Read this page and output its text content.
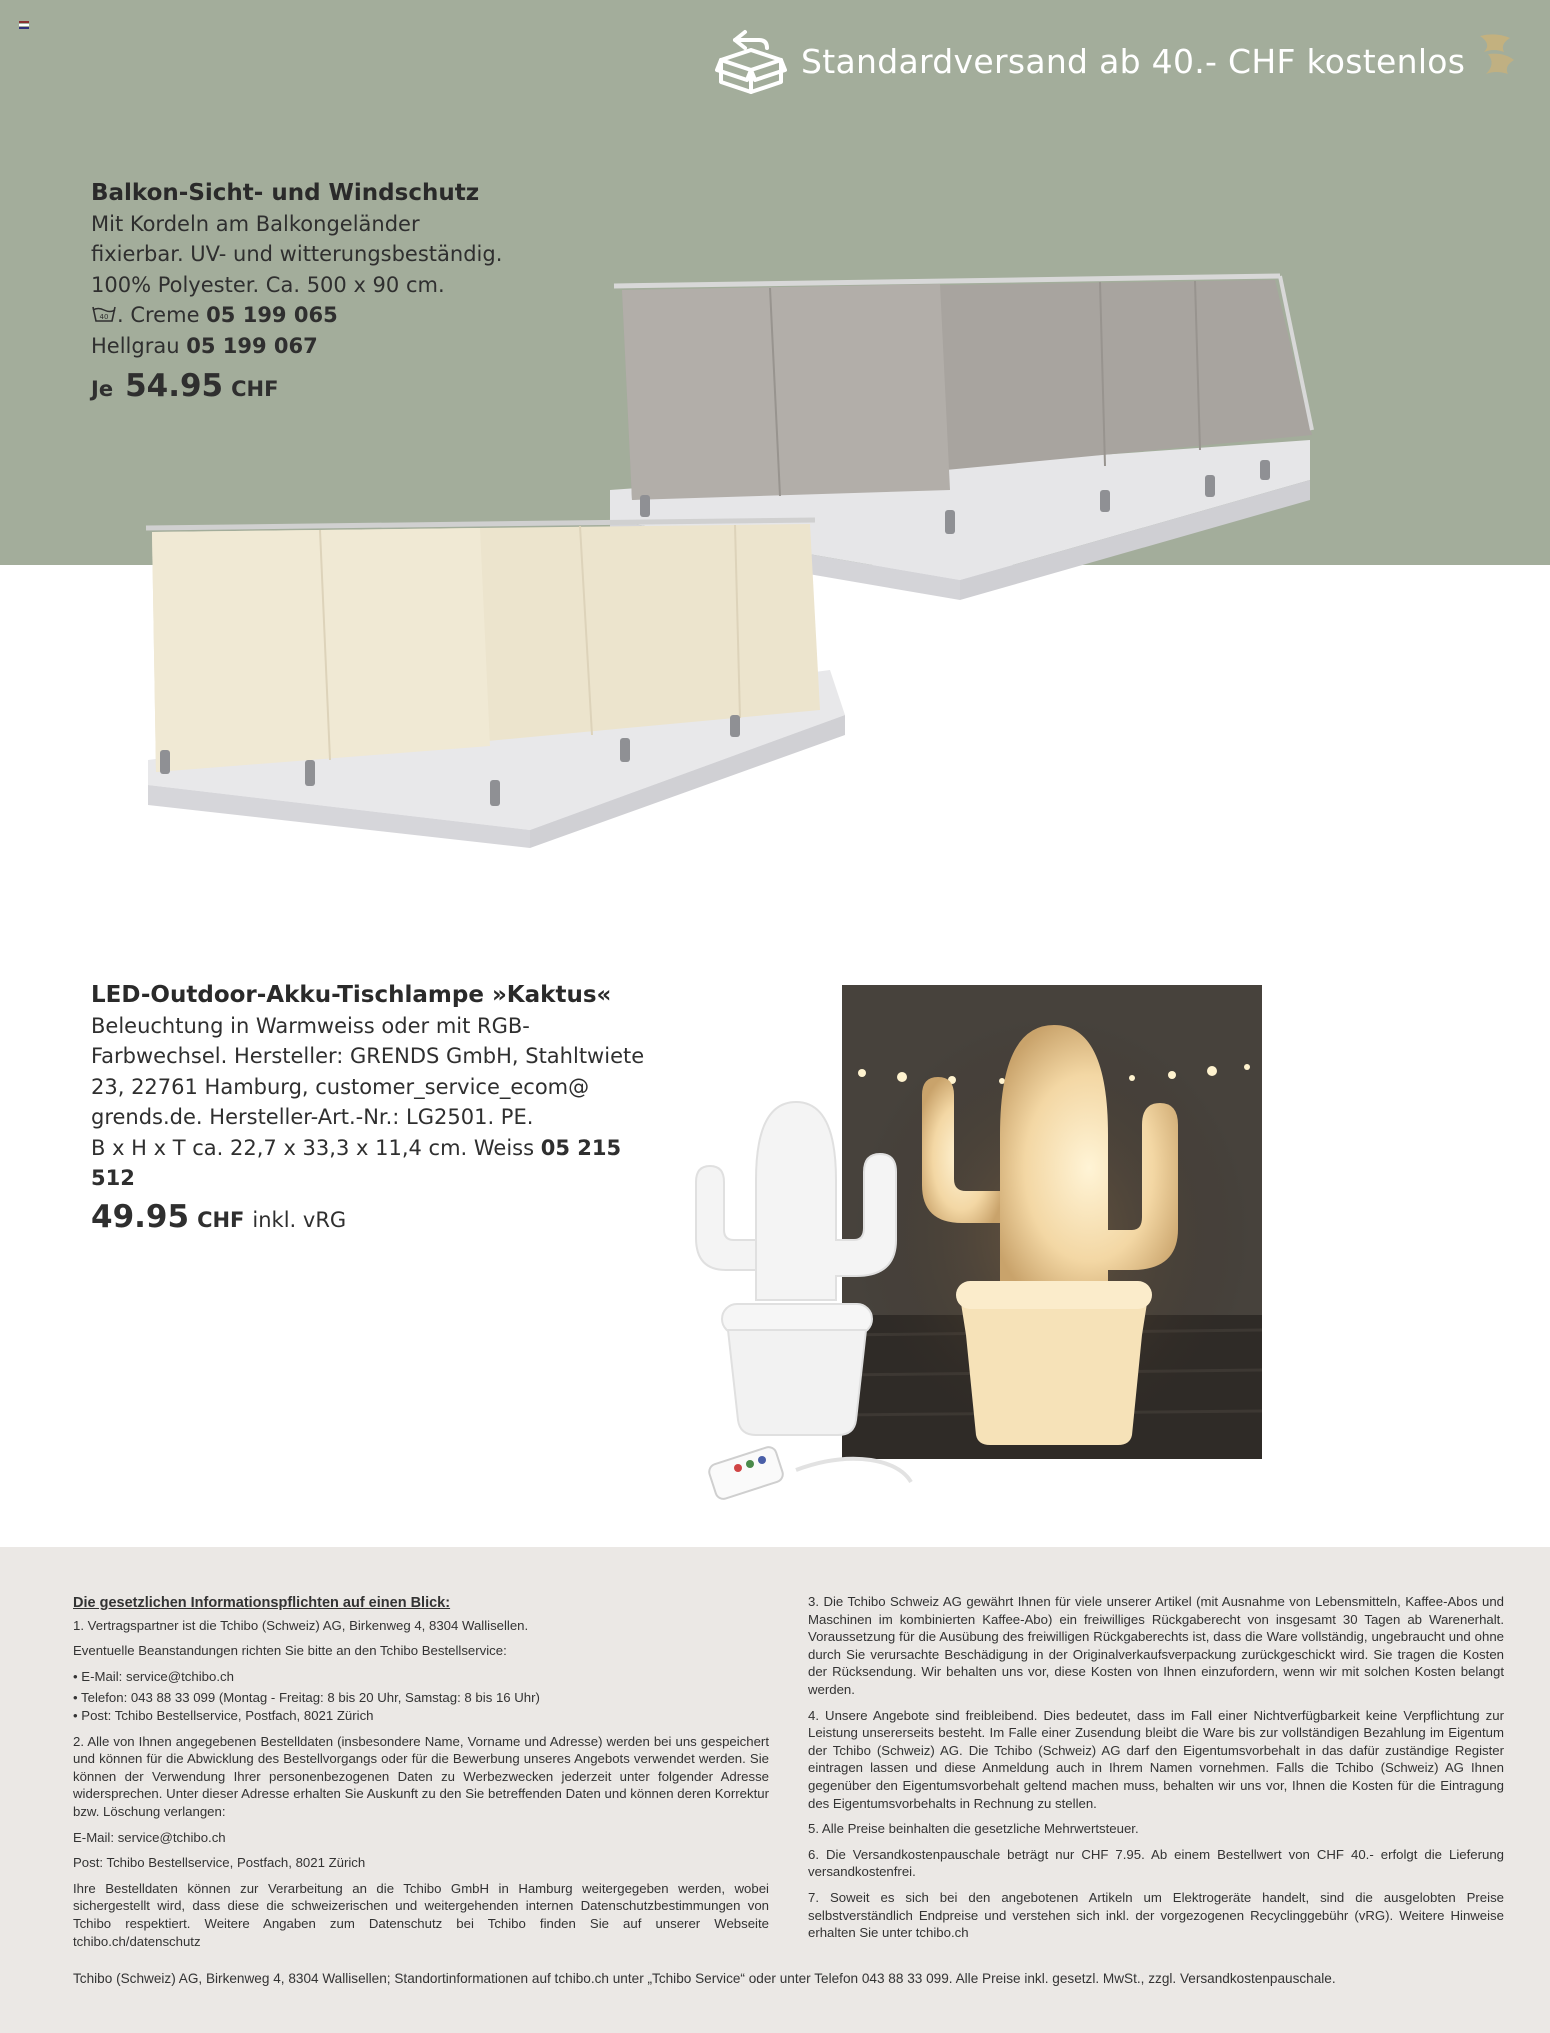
Standardversand ab 40.- CHF kostenlos
Balkon-Sicht- und Windschutz
Mit Kordeln am Balkongeländer
fixierbar. UV- und witterungsbeständig.
100% Polyester. Ca. 500 x 90 cm.
40 . Creme 05 199 065
Hellgrau 05 199 067
Je 54.95 CHF
LED-Outdoor-Akku-Tischlampe »Kaktus«
Beleuchtung in Warmweiss oder mit RGB-
Farbwechsel. Hersteller: GRENDS GmbH, Stahltwiete
23, 22761 Hamburg, customer_service_ecom@
grends.de. Hersteller-Art.-Nr.: LG2501. PE.
B x H x T ca. 22,7 x 33,3 x 11,4 cm. Weiss 05 215 512
49.95 CHF inkl. vRG

Die gesetzlichen Informationspflichten auf einen Blick:

1. Vertragspartner ist die Tchibo (Schweiz) AG, Birkenweg 4, 8304 Wallisellen.

Eventuelle Beanstandungen richten Sie bitte an den Tchibo Bestellservice:

• E-Mail: service@tchibo.ch

• Telefon: 043 88 33 099 (Montag - Freitag: 8 bis 20 Uhr, Samstag: 8 bis 16 Uhr)

• Post: Tchibo Bestellservice, Postfach, 8021 Zürich

2. Alle von Ihnen angegebenen Bestelldaten (insbesondere Name, Vorname und Adresse) werden bei uns gespeichert und können für die Abwicklung des Bestellvorgangs oder für die Bewerbung unseres Angebots verwendet werden. Sie können der Verwendung Ihrer personenbezogenen Daten zu Werbezwecken jederzeit unter folgender Adresse widersprechen. Unter dieser Adresse erhalten Sie Auskunft zu den Sie betreffenden Daten und können deren Korrektur bzw. Löschung verlangen:

E-Mail: service@tchibo.ch

Post: Tchibo Bestellservice, Postfach, 8021 Zürich

Ihre Bestelldaten können zur Verarbeitung an die Tchibo GmbH in Hamburg weitergegeben werden, wobei sichergestellt wird, dass diese die schweizerischen und weitergehenden internen Datenschutzbestimmungen von Tchibo respektiert. Weitere Angaben zum Datenschutz bei Tchibo finden Sie auf unserer Webseite tchibo.ch/datenschutz

3. Die Tchibo Schweiz AG gewährt Ihnen für viele unserer Artikel (mit Ausnahme von Lebensmitteln, Kaffee-Abos und Maschinen im kombinierten Kaffee-Abo) ein freiwilliges Rückgaberecht von insgesamt 30 Tagen ab Warenerhalt. Voraussetzung für die Ausübung des freiwilligen Rückgaberechts ist, dass die Ware vollständig, ungebraucht und ohne durch Sie verursachte Beschädigung in der Originalverkaufsverpackung zurückgeschickt wird. Sie tragen die Kosten der Rücksendung. Wir behalten uns vor, diese Kosten von Ihnen einzufordern, wenn wir mit solchen Kosten belangt werden.

4. Unsere Angebote sind freibleibend. Dies bedeutet, dass im Fall einer Nichtverfügbarkeit keine Verpflichtung zur Leistung unsererseits besteht. Im Falle einer Zusendung bleibt die Ware bis zur vollständigen Bezahlung im Eigentum der Tchibo (Schweiz) AG. Die Tchibo (Schweiz) AG darf den Eigentumsvorbehalt in das dafür zuständige Register eintragen lassen und diese Anmeldung auch in Ihrem Namen vornehmen. Falls die Tchibo (Schweiz) AG Ihnen gegenüber den Eigentumsvorbehalt geltend machen muss, behalten wir uns vor, Ihnen die Kosten für die Eintragung des Eigentumsvorbehalts in Rechnung zu stellen.

5. Alle Preise beinhalten die gesetzliche Mehrwertsteuer.

6. Die Versandkostenpauschale beträgt nur CHF 7.95. Ab einem Bestellwert von CHF 40.- erfolgt die Lieferung versandkostenfrei.

7. Soweit es sich bei den angebotenen Artikeln um Elektrogeräte handelt, sind die ausgelobten Preise selbstverständlich Endpreise und verstehen sich inkl. der vorgezogenen Recyclinggebühr (vRG). Weitere Hinweise erhalten Sie unter tchibo.ch

Tchibo (Schweiz) AG, Birkenweg 4, 8304 Wallisellen; Standortinformationen auf tchibo.ch unter „Tchibo Service“ oder unter Telefon 043 88 33 099. Alle Preise inkl. gesetzl. MwSt., zzgl. Versandkostenpauschale.
